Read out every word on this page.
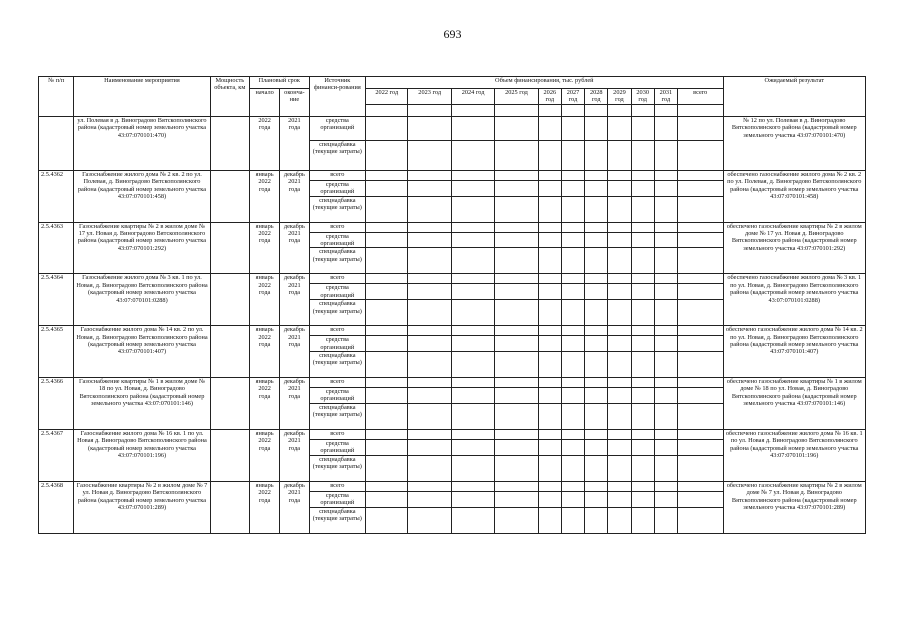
693
№ п/п	Наименование мероприятия	Мощность объекта, км	Плановый срок		Источник финанси-рования	Объем финансирования, тыс. рублей											Ожидаемый результат
			начало	оконча-ние		2022 год	2023 год	2024 год	2025 год	2026 год	2027 год	2028 год	2029 год	2030 год	2031 год	всего	

	ул. Полевая в д. Виноградово Вятскополянского района (кадастровый номер земельного участка 43:07:070101:470)		2022 года	2021 года	средства организаций												№ 12 по ул. Полевая в д. Виноградово Вятскополянского района (кадастровый номер земельного участка 43:07:070101:470)
					спецнадбавка (текущие затраты)												
2.5.4362	Газоснабжение жилого дома № 2 кв. 2 по ул. Полевая, д. Виноградово Вятскополянского района (кадастровый номер земельного участка 43:07:070101:458)		январь 2022 года	декабрь 2021 года	всего												обеспечено газоснабжение жилого дома № 2 кв. 2 по ул. Полевая, д. Виноградово Вятскополянского района (кадастровый номер земельного участка 43:07:070101:458)
					средства организаций												
					спецнадбавка (текущие затраты)												
2.5.4363	Газоснабжение квартиры № 2 в жилом доме № 17 ул. Новая д. Виноградово Вятскополянского района (кадастровый номер земельного участка 43:07:070101:292)		январь 2022 года	декабрь 2021 года	всего												обеспечено газоснабжение квартиры № 2 в жилом доме № 17 ул. Новая д. Виноградово Вятскополянского района (кадастровый номер земельного участка 43:07:070101:292)
					средства организаций												
					спецнадбавка (текущие затраты)												
2.5.4364	Газоснабжение жилого дома № 3 кв. 1 по ул. Новая, д. Виноградово Вятскополянского района (кадастровый номер земельного участка 43:07:070101:0288)		январь 2022 года	декабрь 2021 года	всего												обеспечено газоснабжение жилого дома № 3 кв. 1 по ул. Новая, д. Виноградово Вятскополянского района (кадастровый номер земельного участка 43:07:070101:0288)
					средства организаций												
					спецнадбавка (текущие затраты)												
2.5.4365	Газоснабжение жилого дома № 14 кв. 2 по ул. Новая, д. Виноградово Вятскополянского района (кадастровый номер земельного участка 43:07:070101:407)		январь 2022 года	декабрь 2021 года	всего												обеспечено газоснабжение жилого дома № 14 кв. 2 по ул. Новая, д. Виноградово Вятскополянского района (кадастровый номер земельного участка 43:07:070101:407)
					средства организаций												
					спецнадбавка (текущие затраты)												
2.5.4366	Газоснабжение квартиры № 1 в жилом доме № 18 по ул. Новая, д. Виноградово Вятскополянского района (кадастровый номер земельного участка 43:07:070101:146)		январь 2022 года	декабрь 2021 года	всего												обеспечено газоснабжение квартиры № 1 в жилом доме № 18 по ул. Новая, д. Виноградово Вятскополянского района (кадастровый номер земельного участка 43:07:070101:146)
					средства организаций												
					спецнадбавка (текущие затраты)												
2.5.4367	Газоснабжение жилого дома № 16 кв. 1 по ул. Новая д. Виноградово Вятскополянского района (кадастровый номер земельного участка 43:07:070101:196)		январь 2022 года	декабрь 2021 года	всего												обеспечено газоснабжение жилого дома № 16 кв. 1 по ул. Новая д. Виноградово Вятскополянского района (кадастровый номер земельного участка 43:07:070101:196)
					средства организаций												
					спецнадбавка (текущие затраты)												
2.5.4368	Газоснабжение квартиры № 2 в жилом доме № 7 ул. Новая д. Виноградово Вятскополянского района (кадастровый номер земельного участка 43:07:070101:289)		январь 2022 года	декабрь 2021 года	всего												обеспечено газоснабжение квартиры № 2 в жилом доме № 7 ул. Новая д. Виноградово Вятскополянского района (кадастровый номер земельного участка 43:07:070101:289)
					средства организаций												
					спецнадбавка (текущие затраты)												
